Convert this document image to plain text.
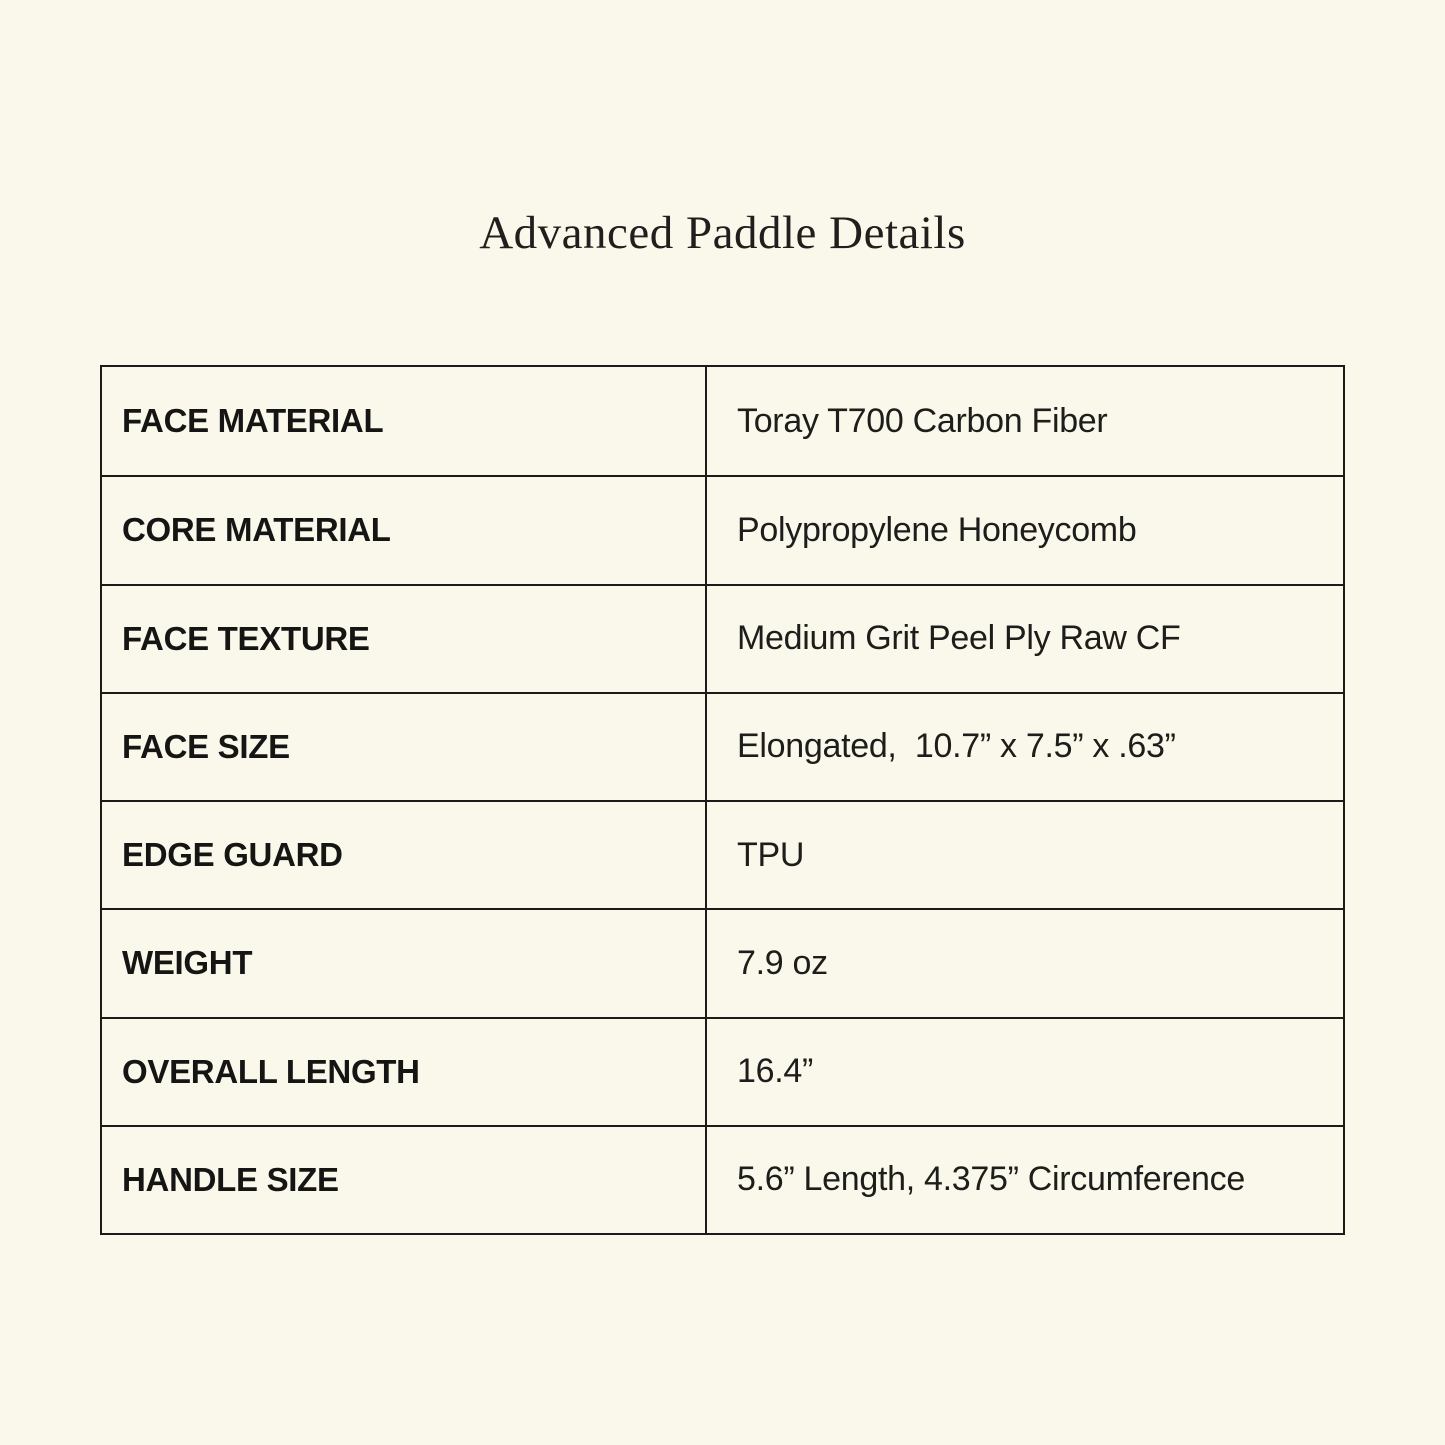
Advanced Paddle Details
FACE MATERIAL	Toray T700 Carbon Fiber
CORE MATERIAL	Polypropylene Honeycomb
FACE TEXTURE	Medium Grit Peel Ply Raw CF
FACE SIZE	Elongated,  10.7” x 7.5” x .63”
EDGE GUARD	TPU
WEIGHT	7.9 oz
OVERALL LENGTH	16.4”
HANDLE SIZE	5.6” Length, 4.375” Circumference
